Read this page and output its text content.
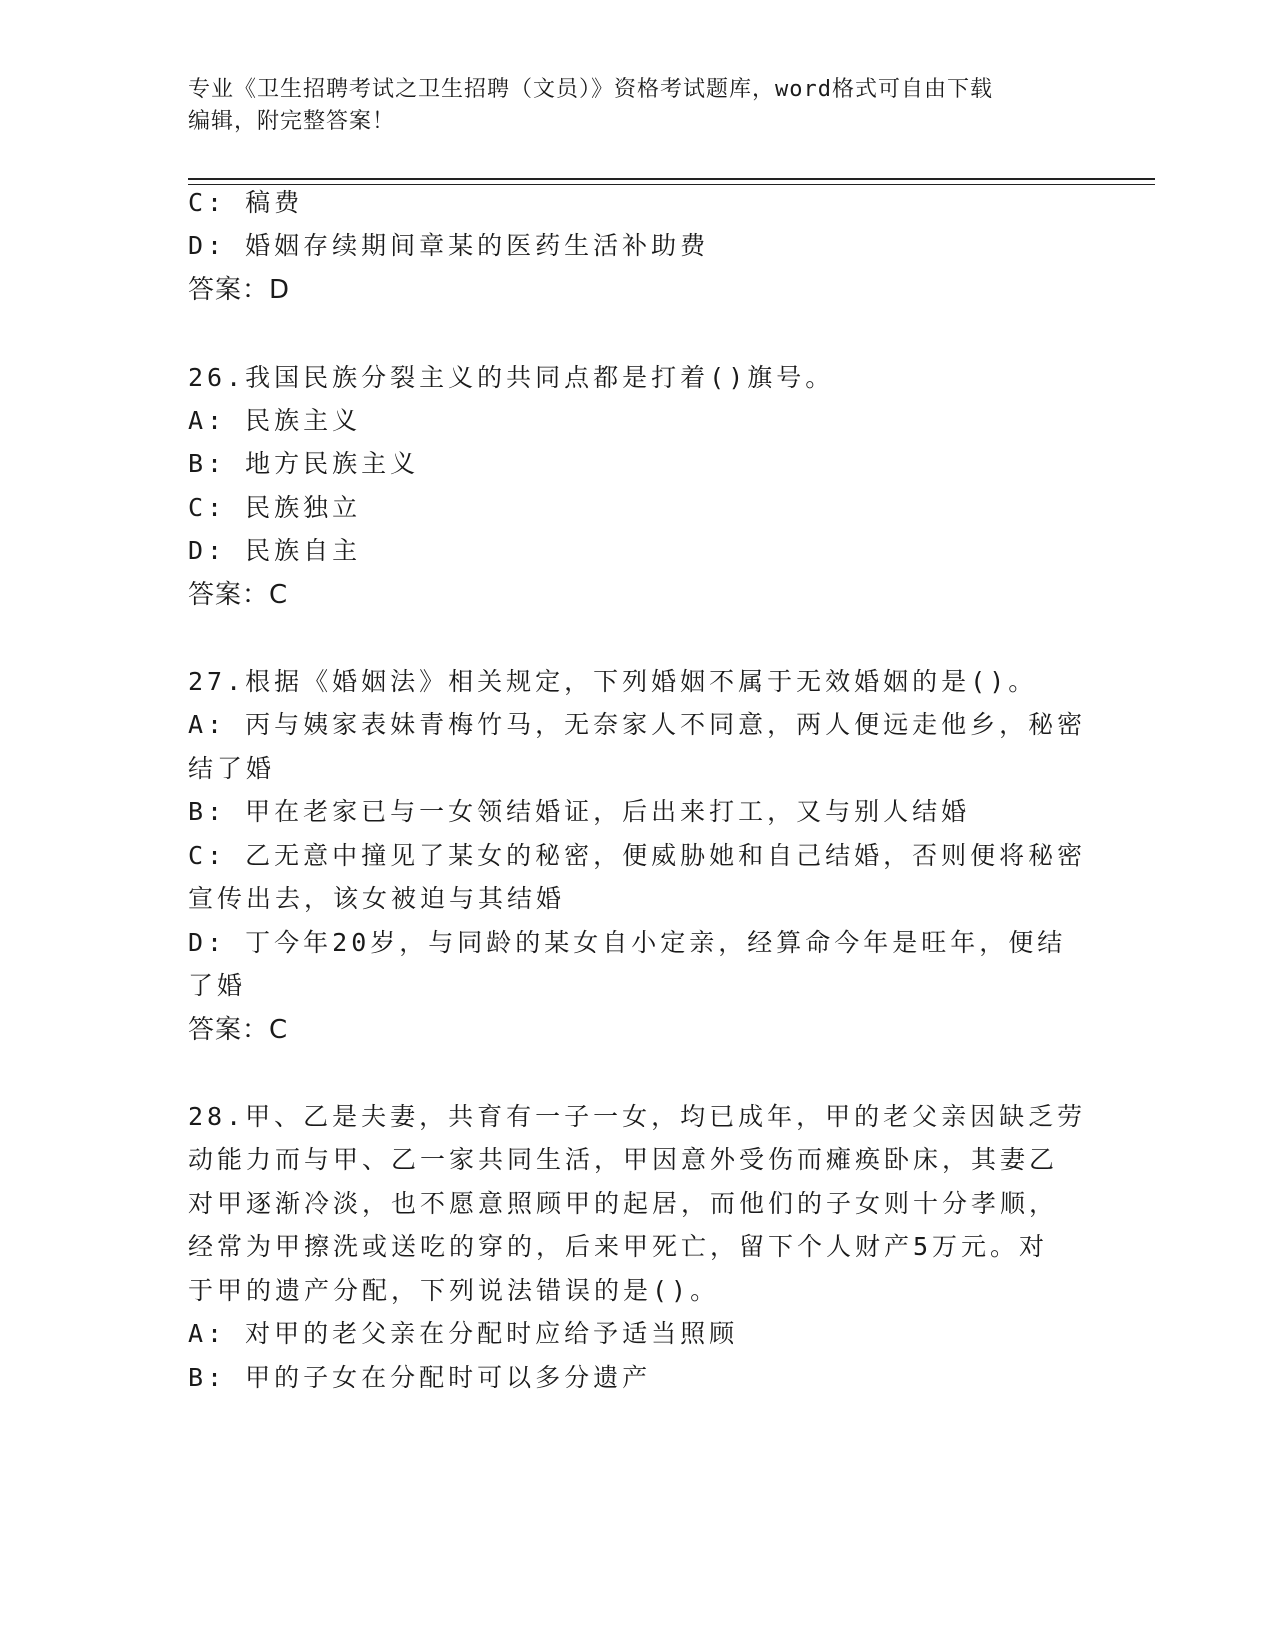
专业《卫生招聘考试之卫生招聘（文员）》资格考试题库，word格式可自由下载
编辑，附完整答案！
C: 稿费
D: 婚姻存续期间章某的医药生活补助费
答案：D
26.我国民族分裂主义的共同点都是打着()旗号。
A: 民族主义
B: 地方民族主义
C: 民族独立
D: 民族自主
答案：C
27.根据《婚姻法》相关规定，下列婚姻不属于无效婚姻的是()。
A: 丙与姨家表妹青梅竹马，无奈家人不同意，两人便远走他乡，秘密
结了婚
B: 甲在老家已与一女领结婚证，后出来打工，又与别人结婚
C: 乙无意中撞见了某女的秘密，便威胁她和自己结婚，否则便将秘密
宣传出去，该女被迫与其结婚
D: 丁今年20岁，与同龄的某女自小定亲，经算命今年是旺年，便结
了婚
答案：C
28.甲、乙是夫妻，共育有一子一女，均已成年，甲的老父亲因缺乏劳
动能力而与甲、乙一家共同生活，甲因意外受伤而瘫痪卧床，其妻乙
对甲逐渐冷淡，也不愿意照顾甲的起居，而他们的子女则十分孝顺，
经常为甲擦洗或送吃的穿的，后来甲死亡，留下个人财产5万元。对
于甲的遗产分配，下列说法错误的是()。
A: 对甲的老父亲在分配时应给予适当照顾
B: 甲的子女在分配时可以多分遗产
